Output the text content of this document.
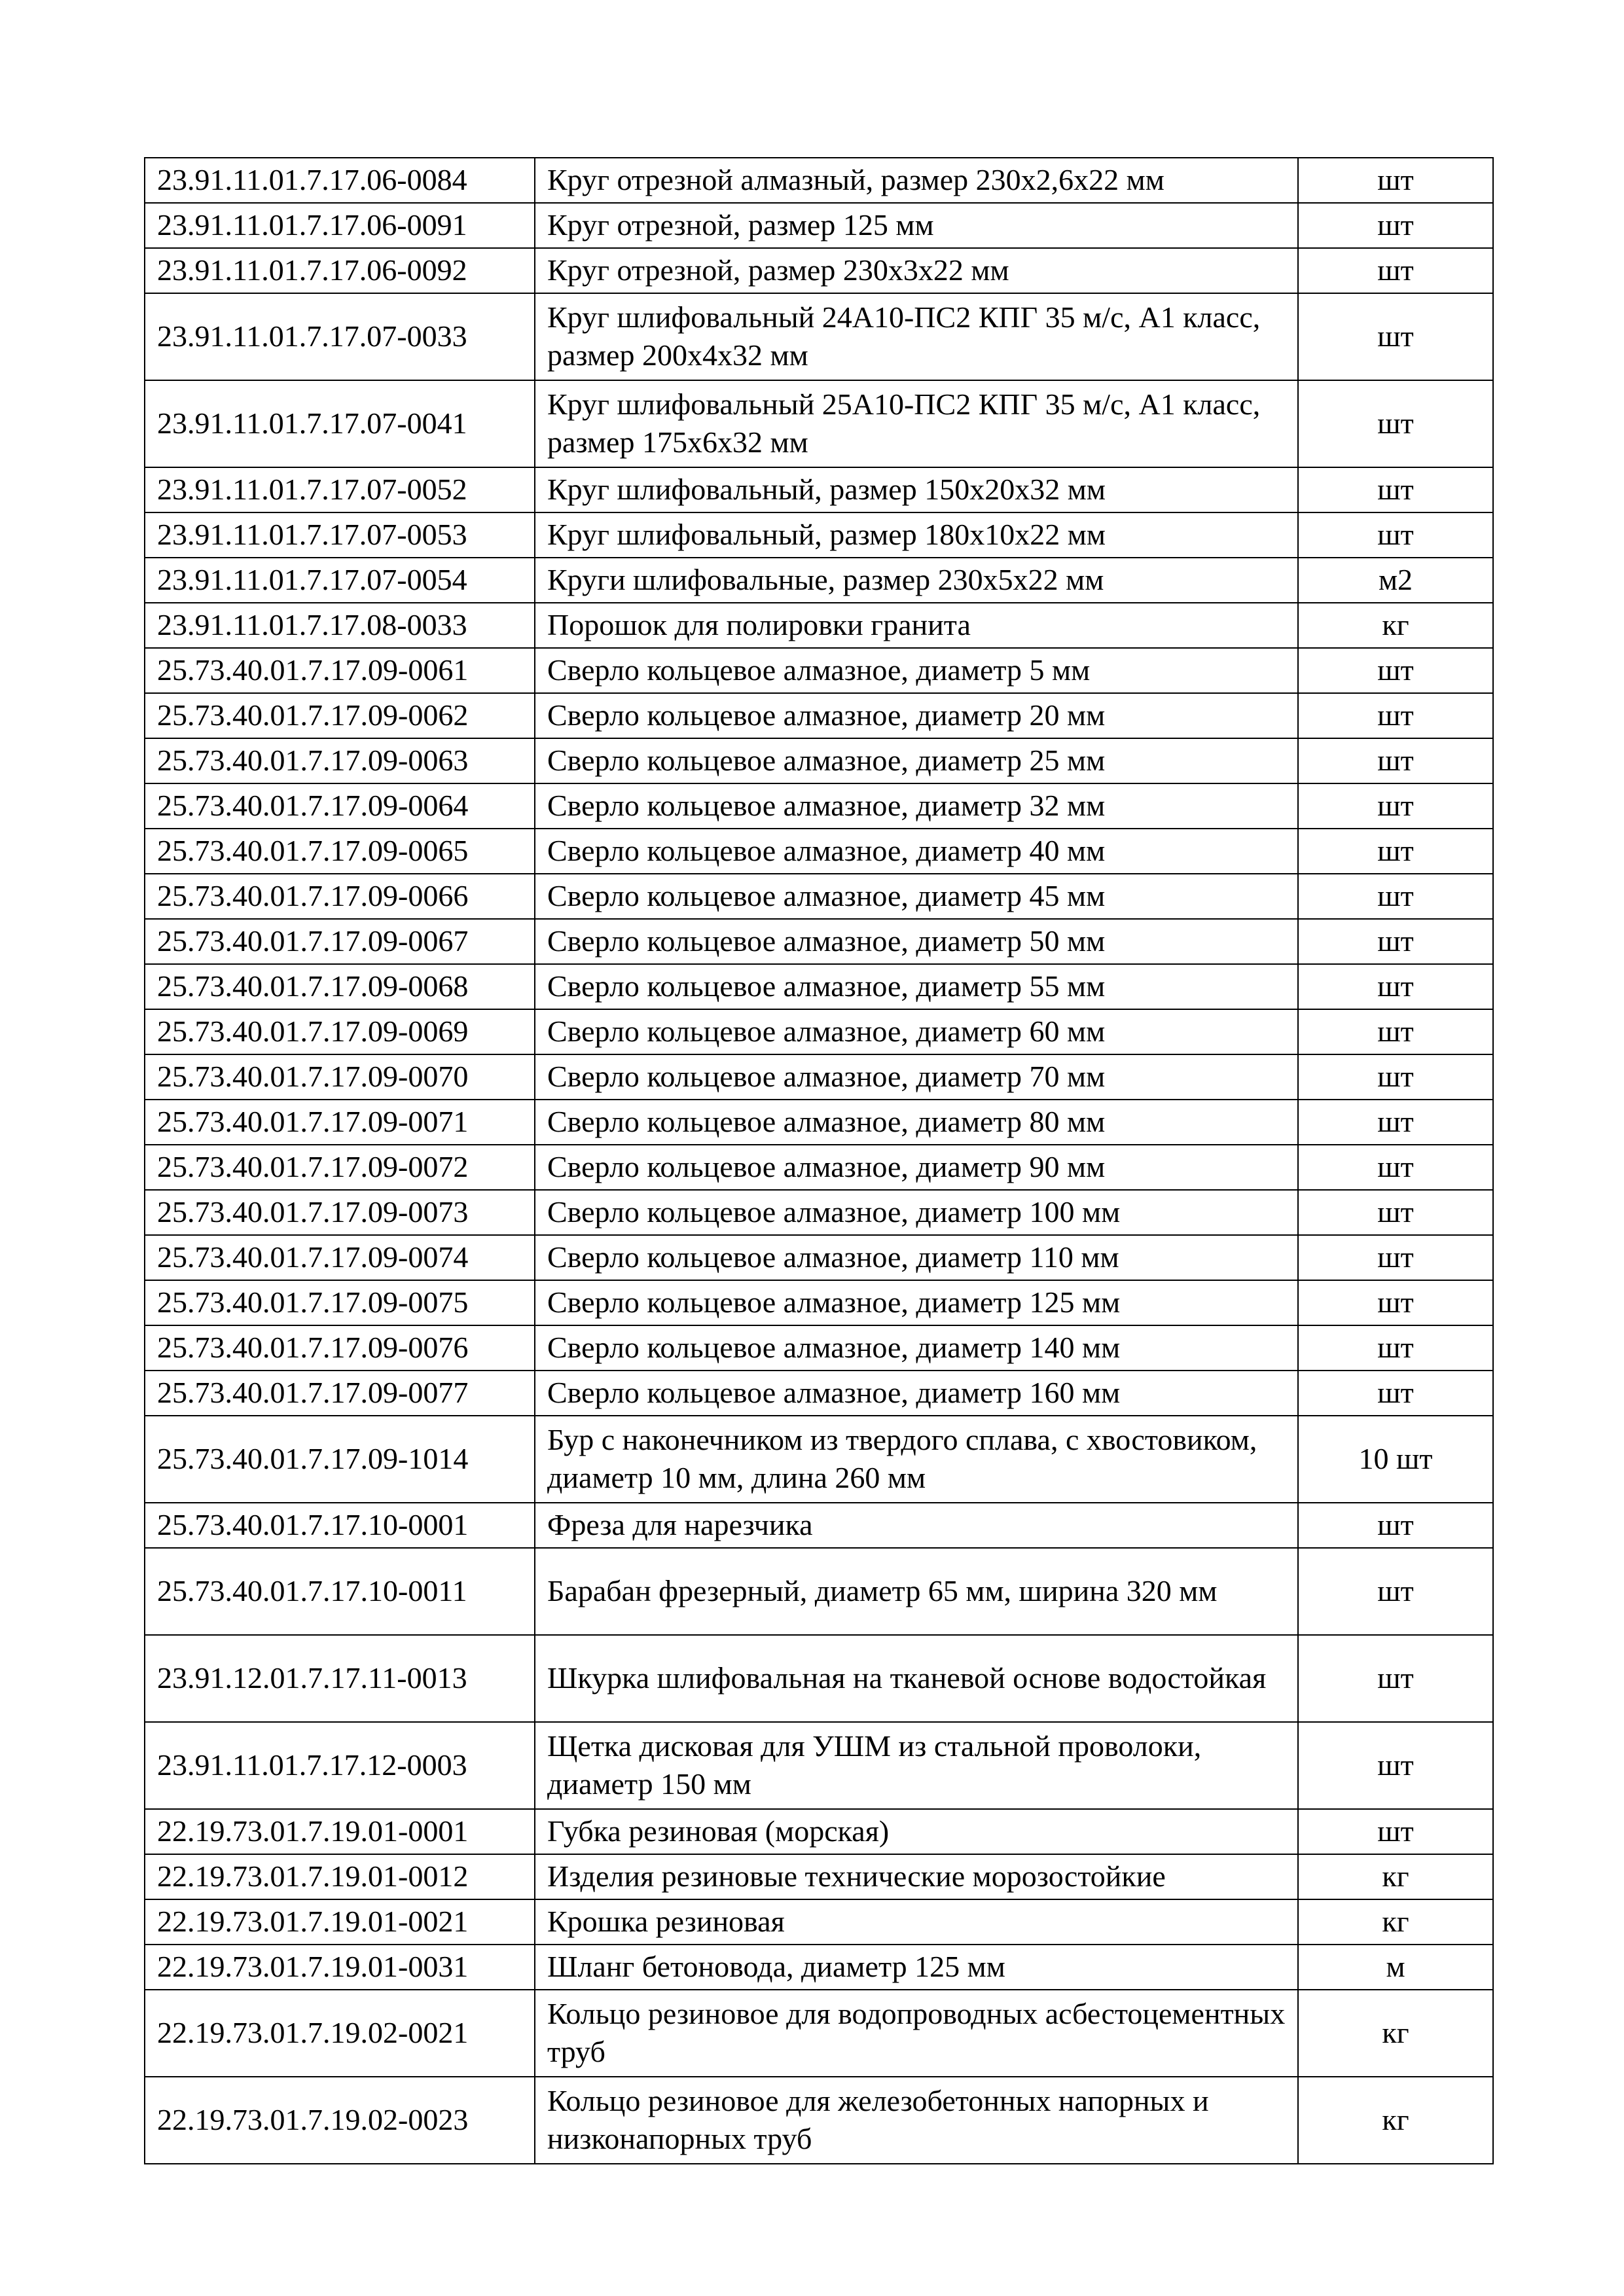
23.91.11.01.7.17.06-0084	Круг отрезной алмазный, размер 230х2,6х22 мм	шт
23.91.11.01.7.17.06-0091	Круг отрезной, размер 125 мм	шт
23.91.11.01.7.17.06-0092	Круг отрезной, размер 230х3х22 мм	шт
23.91.11.01.7.17.07-0033	Круг шлифовальный 24А10-ПС2 КПГ 35 м/с, А1 класс, размер 200х4х32 мм	шт
23.91.11.01.7.17.07-0041	Круг шлифовальный 25А10-ПС2 КПГ 35 м/с, А1 класс, размер 175х6х32 мм	шт
23.91.11.01.7.17.07-0052	Круг шлифовальный, размер 150х20х32 мм	шт
23.91.11.01.7.17.07-0053	Круг шлифовальный, размер 180х10х22 мм	шт
23.91.11.01.7.17.07-0054	Круги шлифовальные, размер 230х5х22 мм	м2
23.91.11.01.7.17.08-0033	Порошок для полировки гранита	кг
25.73.40.01.7.17.09-0061	Сверло кольцевое алмазное, диаметр 5 мм	шт
25.73.40.01.7.17.09-0062	Сверло кольцевое алмазное, диаметр 20 мм	шт
25.73.40.01.7.17.09-0063	Сверло кольцевое алмазное, диаметр 25 мм	шт
25.73.40.01.7.17.09-0064	Сверло кольцевое алмазное, диаметр 32 мм	шт
25.73.40.01.7.17.09-0065	Сверло кольцевое алмазное, диаметр 40 мм	шт
25.73.40.01.7.17.09-0066	Сверло кольцевое алмазное, диаметр 45 мм	шт
25.73.40.01.7.17.09-0067	Сверло кольцевое алмазное, диаметр 50 мм	шт
25.73.40.01.7.17.09-0068	Сверло кольцевое алмазное, диаметр 55 мм	шт
25.73.40.01.7.17.09-0069	Сверло кольцевое алмазное, диаметр 60 мм	шт
25.73.40.01.7.17.09-0070	Сверло кольцевое алмазное, диаметр 70 мм	шт
25.73.40.01.7.17.09-0071	Сверло кольцевое алмазное, диаметр 80 мм	шт
25.73.40.01.7.17.09-0072	Сверло кольцевое алмазное, диаметр 90 мм	шт
25.73.40.01.7.17.09-0073	Сверло кольцевое алмазное, диаметр 100 мм	шт
25.73.40.01.7.17.09-0074	Сверло кольцевое алмазное, диаметр 110 мм	шт
25.73.40.01.7.17.09-0075	Сверло кольцевое алмазное, диаметр 125 мм	шт
25.73.40.01.7.17.09-0076	Сверло кольцевое алмазное, диаметр 140 мм	шт
25.73.40.01.7.17.09-0077	Сверло кольцевое алмазное, диаметр 160 мм	шт
25.73.40.01.7.17.09-1014	Бур с наконечником из твердого сплава, с хвостовиком, диаметр 10 мм, длина 260 мм	10 шт
25.73.40.01.7.17.10-0001	Фреза для нарезчика	шт
25.73.40.01.7.17.10-0011	Барабан фрезерный, диаметр 65 мм, ширина 320 мм	шт
23.91.12.01.7.17.11-0013	Шкурка шлифовальная на тканевой основе водостойкая	шт
23.91.11.01.7.17.12-0003	Щетка дисковая для УШМ из стальной проволоки, диаметр 150 мм	шт
22.19.73.01.7.19.01-0001	Губка резиновая (морская)	шт
22.19.73.01.7.19.01-0012	Изделия резиновые технические морозостойкие	кг
22.19.73.01.7.19.01-0021	Крошка резиновая	кг
22.19.73.01.7.19.01-0031	Шланг бетоновода, диаметр 125 мм	м
22.19.73.01.7.19.02-0021	Кольцо резиновое для водопроводных асбестоцементных труб	кг
22.19.73.01.7.19.02-0023	Кольцо резиновое для железобетонных напорных и низконапорных труб	кг
